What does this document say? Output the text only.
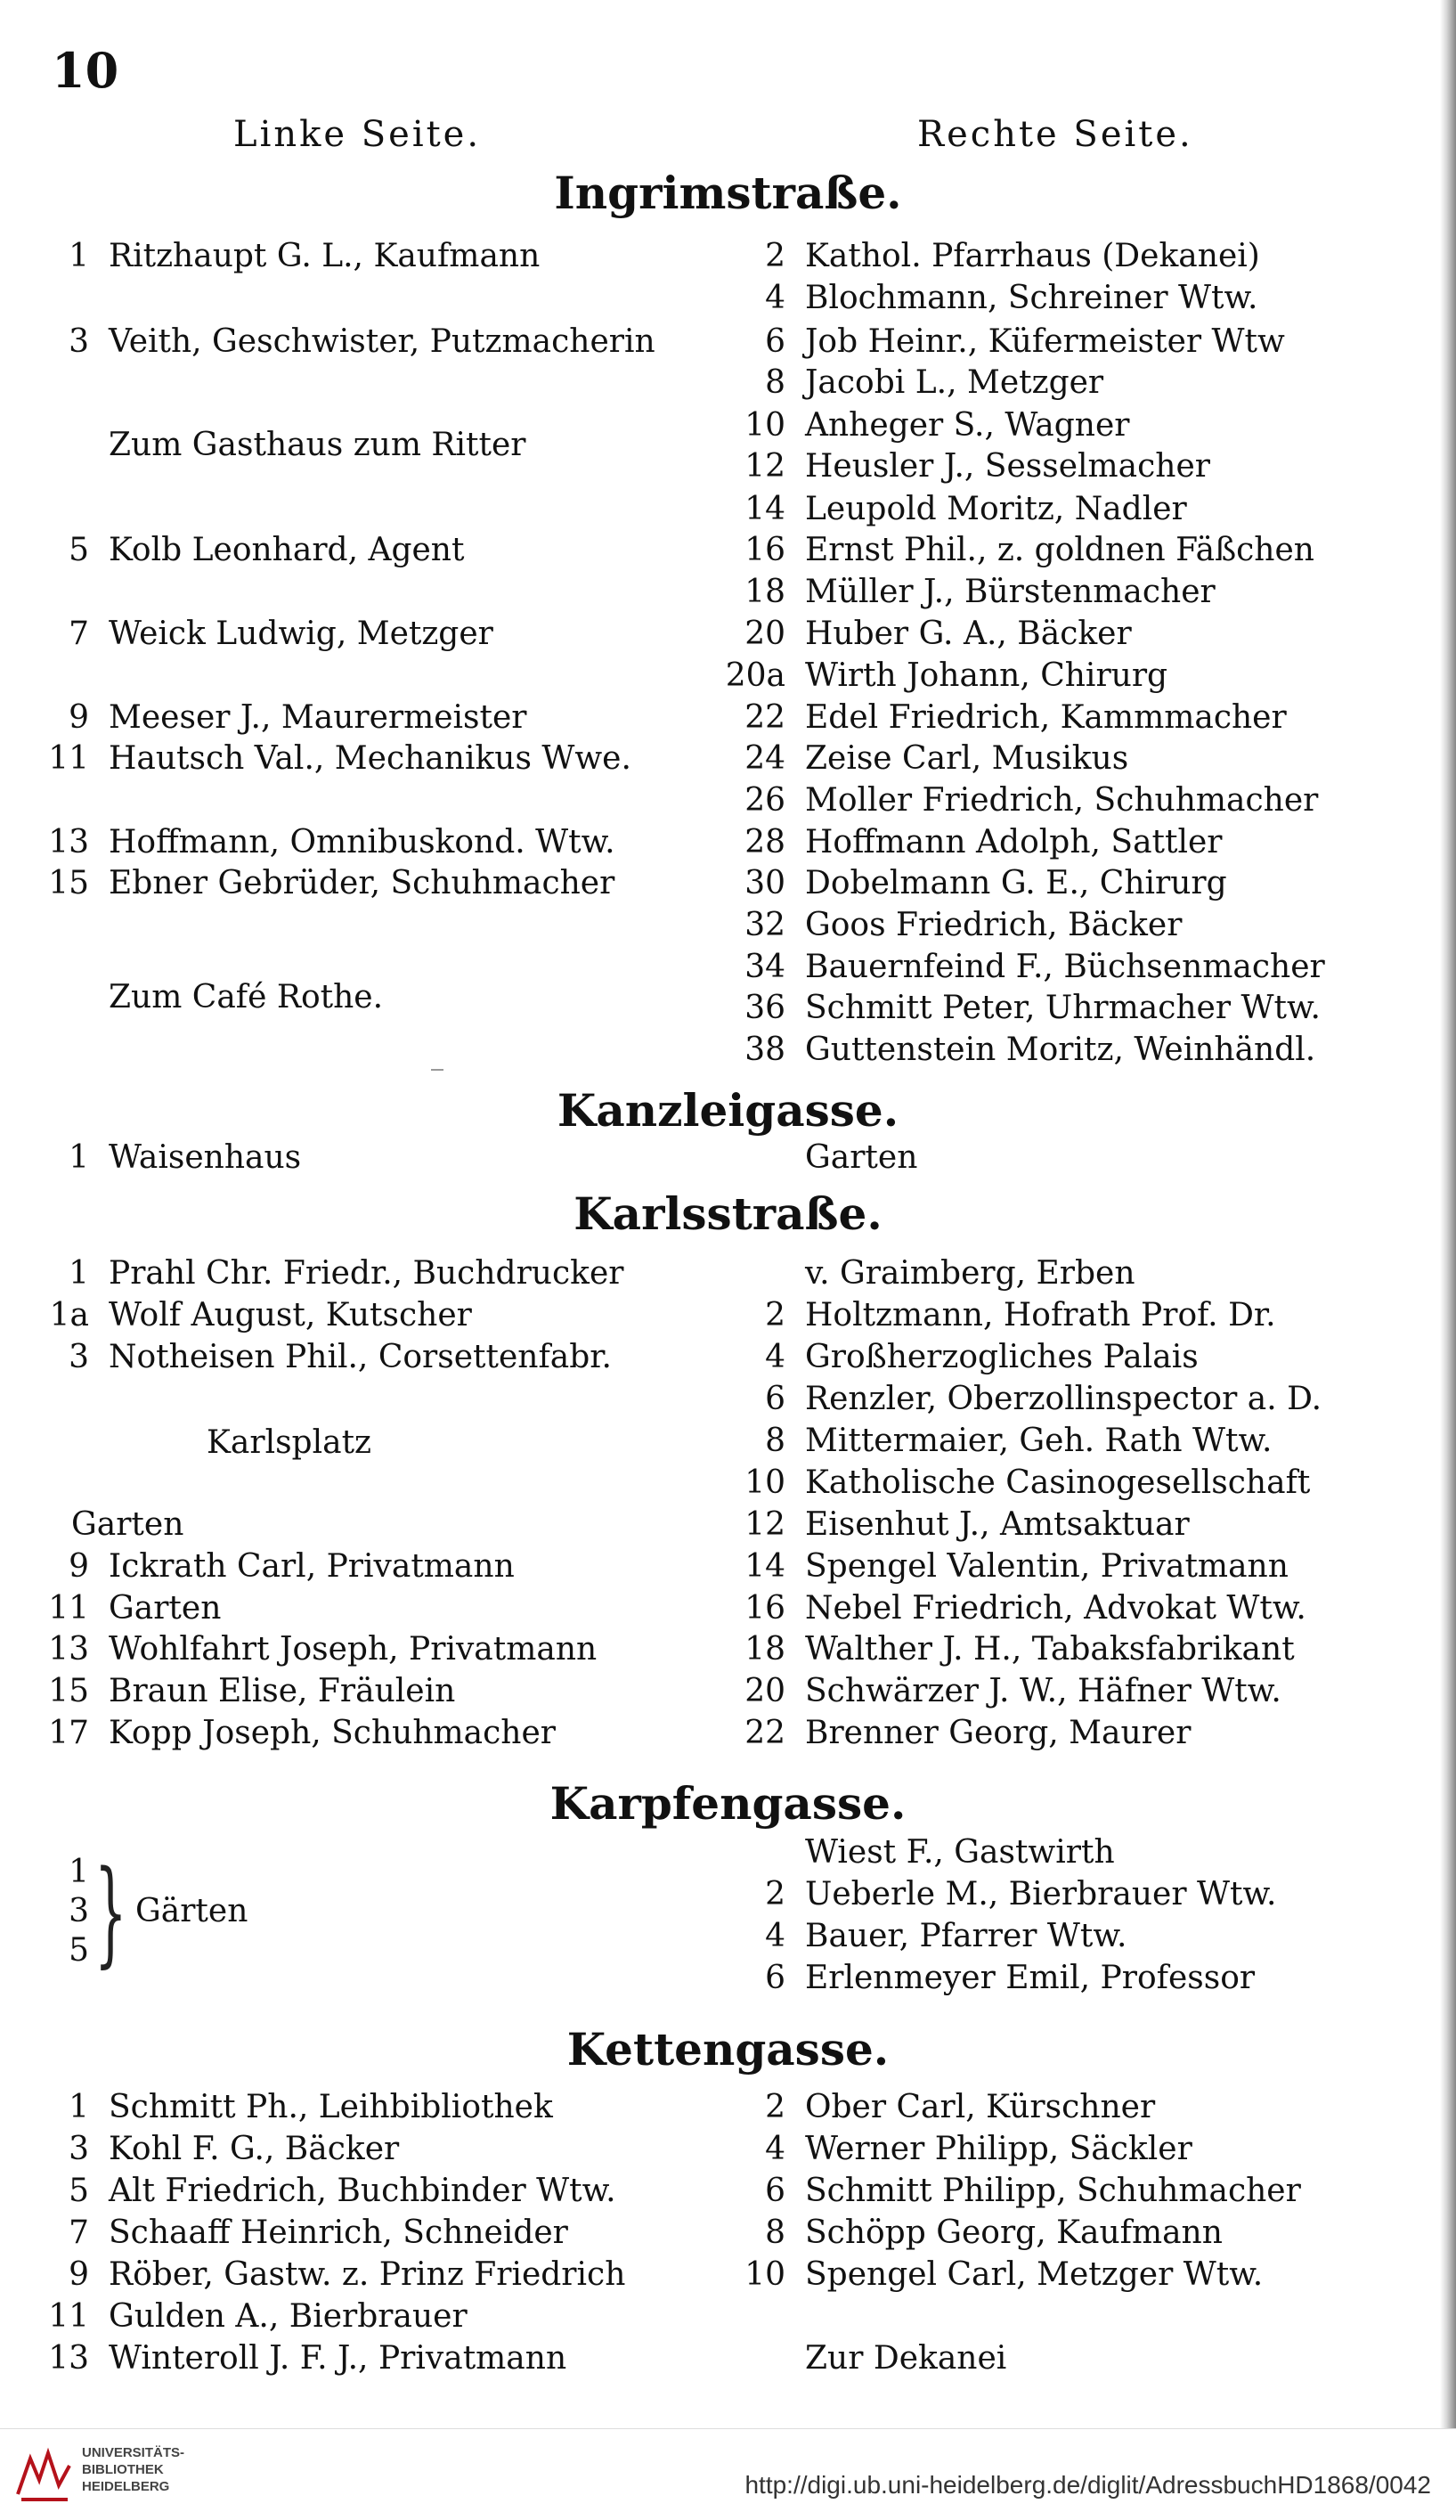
10
Linke Seite.	Rechte Seite.
Ingrimstraße.
1 Ritzhaupt G. L., Kaufmann
3 Veith, Geschwister, Putzmacherin
Zum Gasthaus zum Ritter
5 Kolb Leonhard, Agent
7 Weick Ludwig, Metzger
9 Meeser J., Maurermeister
11 Hautsch Val., Mechanikus Wwe.
13 Hoffmann, Omnibuskond. Wtw.
15 Ebner Gebrüder, Schuhmacher
Zum Café Rothe.
2 Kathol. Pfarrhaus (Dekanei)
4 Blochmann, Schreiner Wtw.
6 Job Heinr., Küfermeister Wtw
8 Jacobi L., Metzger
10 Anheger S., Wagner
12 Heusler J., Sesselmacher
14 Leupold Moritz, Nadler
16 Ernst Phil., z. goldnen Fäßchen
18 Müller J., Bürstenmacher
20 Huber G. A., Bäcker
20a Wirth Johann, Chirurg
22 Edel Friedrich, Kammmacher
24 Zeise Carl, Musikus
26 Moller Friedrich, Schuhmacher
28 Hoffmann Adolph, Sattler
30 Dobelmann G. E., Chirurg
32 Goos Friedrich, Bäcker
34 Bauernfeind F., Büchsenmacher
36 Schmitt Peter, Uhrmacher Wtw.
38 Guttenstein Moritz, Weinhändl.
Kanzleigasse.
1 Waisenhaus	Garten
Karlsstraße.
1 Prahl Chr. Friedr., Buchdrucker
1a Wolf August, Kutscher
3 Notheisen Phil., Corsettenfabr.
Karlsplatz
Garten
9 Ickrath Carl, Privatmann
11 Garten
13 Wohlfahrt Joseph, Privatmann
15 Braun Elise, Fräulein
17 Kopp Joseph, Schuhmacher
v. Graimberg, Erben
2 Holtzmann, Hofrath Prof. Dr.
4 Großherzogliches Palais
6 Renzler, Oberzollinspector a. D.
8 Mittermaier, Geh. Rath Wtw.
10 Katholische Casinogesellschaft
12 Eisenhut J., Amtsaktuar
14 Spengel Valentin, Privatmann
16 Nebel Friedrich, Advokat Wtw.
18 Walther J. H., Tabaksfabrikant
20 Schwärzer J. W., Häfner Wtw.
22 Brenner Georg, Maurer
Karpfengasse.
1
3
5 } Gärten
Wiest F., Gastwirth
2 Ueberle M., Bierbrauer Wtw.
4 Bauer, Pfarrer Wtw.
6 Erlenmeyer Emil, Professor
Kettengasse.
1 Schmitt Ph., Leihbibliothek
3 Kohl F. G., Bäcker
5 Alt Friedrich, Buchbinder Wtw.
7 Schaaff Heinrich, Schneider
9 Röber, Gastw. z. Prinz Friedrich
11 Gulden A., Bierbrauer
13 Winteroll J. F. J., Privatmann
2 Ober Carl, Kürschner
4 Werner Philipp, Säckler
6 Schmitt Philipp, Schuhmacher
8 Schöpp Georg, Kaufmann
10 Spengel Carl, Metzger Wtw.
Zur Dekanei
UNIVERSITÄTS-
BIBLIOTHEK
HEIDELBERG	http://digi.ub.uni-heidelberg.de/diglit/AdressbuchHD1868/0042
